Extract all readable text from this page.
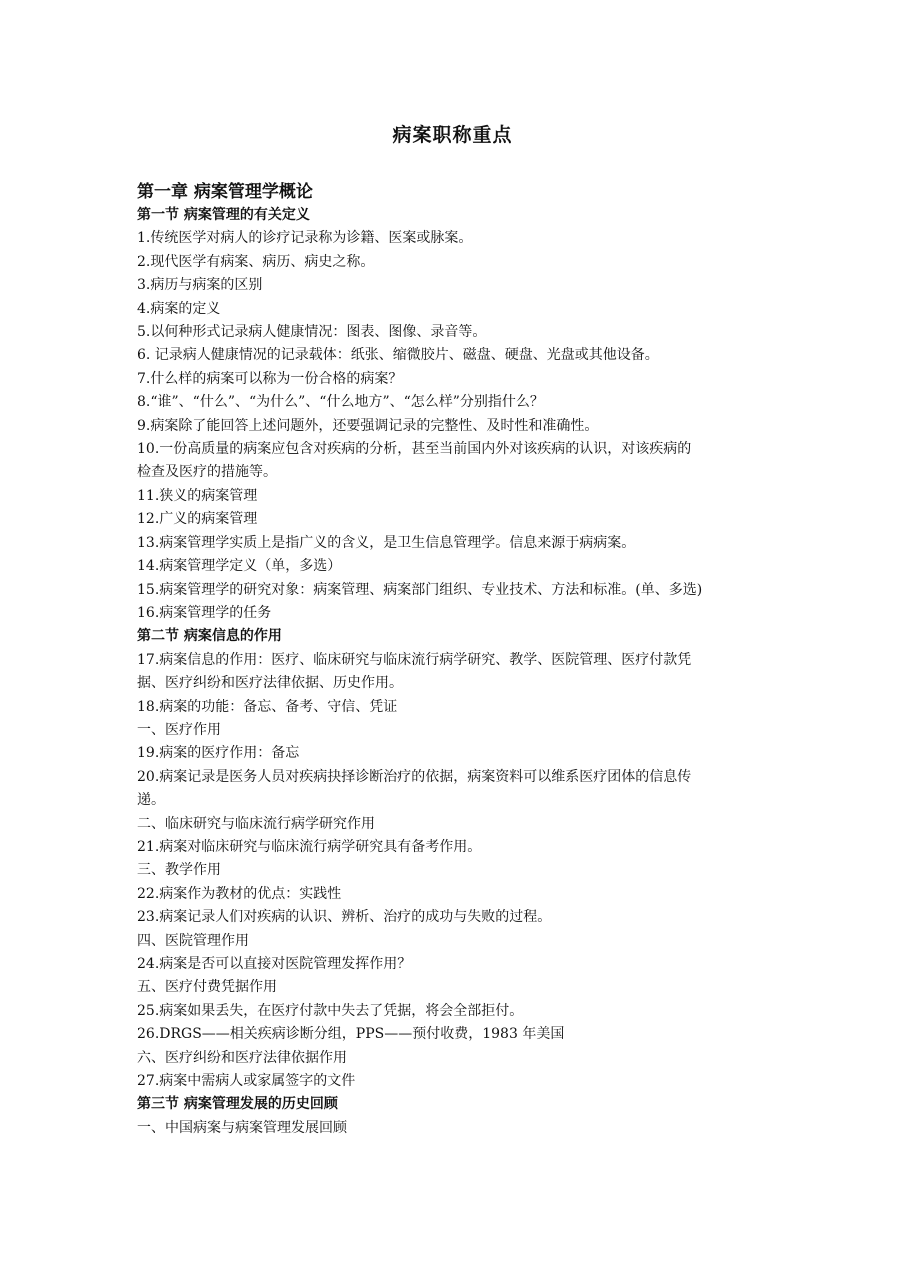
病案职称重点

第一章 病案管理学概论

第一节 病案管理的有关定义

1.传统医学对病人的诊疗记录称为诊籍、医案或脉案。

2.现代医学有病案、病历、病史之称。

3.病历与病案的区别

4.病案的定义

5.以何种形式记录病人健康情况：图表、图像、录音等。

6. 记录病人健康情况的记录载体：纸张、缩微胶片、磁盘、硬盘、光盘或其他设备。

7.什么样的病案可以称为一份合格的病案？

8.“谁”、“什么”、“为什么”、“什么地方”、“怎么样”分别指什么？

9.病案除了能回答上述问题外，还要强调记录的完整性、及时性和准确性。

10.一份高质量的病案应包含对疾病的分析，甚至当前国内外对该疾病的认识，对该疾病的

检查及医疗的措施等。

11.狭义的病案管理

12.广义的病案管理

13.病案管理学实质上是指广义的含义，是卫生信息管理学。信息来源于病病案。

14.病案管理学定义（单，多选）

15.病案管理学的研究对象：病案管理、病案部门组织、专业技术、方法和标准。(单、多选)

16.病案管理学的任务

第二节 病案信息的作用

17.病案信息的作用：医疗、临床研究与临床流行病学研究、教学、医院管理、医疗付款凭

据、医疗纠纷和医疗法律依据、历史作用。

18.病案的功能：备忘、备考、守信、凭证

一、医疗作用

19.病案的医疗作用：备忘

20.病案记录是医务人员对疾病抉择诊断治疗的依据，病案资料可以维系医疗团体的信息传

递。

二、临床研究与临床流行病学研究作用

21.病案对临床研究与临床流行病学研究具有备考作用。

三、教学作用

22.病案作为教材的优点：实践性

23.病案记录人们对疾病的认识、辨析、治疗的成功与失败的过程。

四、医院管理作用

24.病案是否可以直接对医院管理发挥作用？

五、医疗付费凭据作用

25.病案如果丢失，在医疗付款中失去了凭据，将会全部拒付。

26.DRGS——相关疾病诊断分组，PPS——预付收费，1983 年美国

六、医疗纠纷和医疗法律依据作用

27.病案中需病人或家属签字的文件

第三节 病案管理发展的历史回顾

一、中国病案与病案管理发展回顾
